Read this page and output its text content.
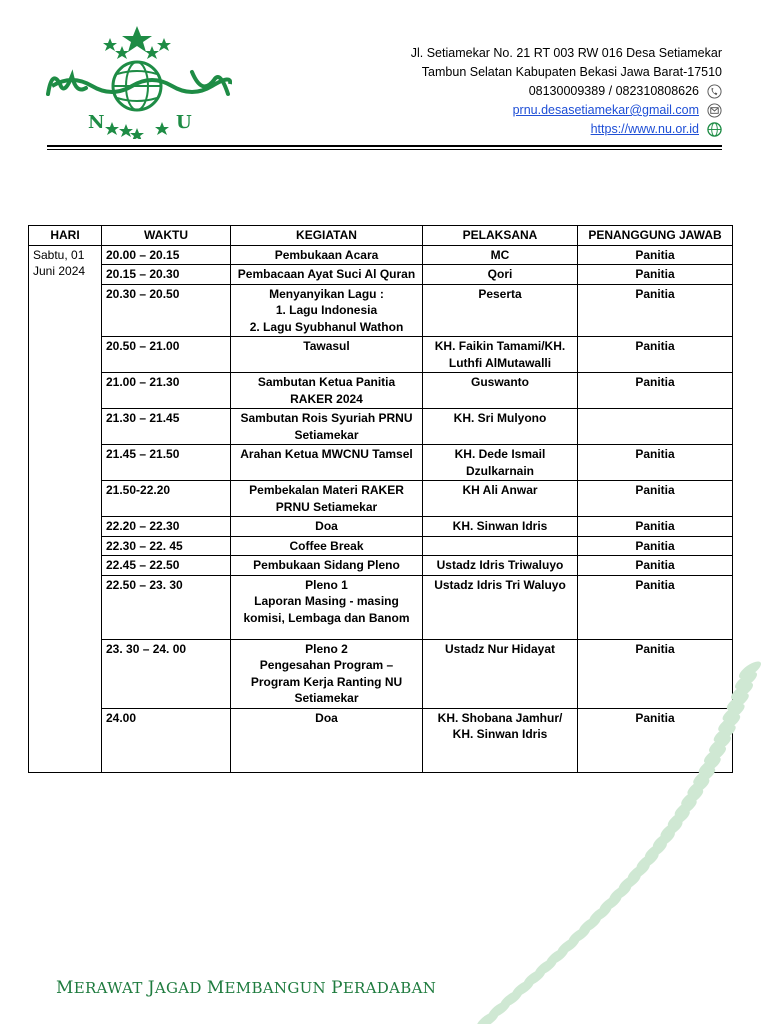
N	U
Jl. Setiamekar No. 21 RT 003 RW 016 Desa Setiamekar
Tambun Selatan Kabupaten Bekasi Jawa Barat-17510
08130009389 / 082310808626
prnu.desasetiamekar@gmail.com
https://www.nu.or.id
HARI	WAKTU	KEGIATAN	PELAKSANA	PENANGGUNG JAWAB
Sabtu, 01 Juni 2024	20.00 – 20.15	Pembukaan Acara	MC	Panitia
	20.15 – 20.30	Pembacaan Ayat Suci Al Quran	Qori	Panitia
	20.30 – 20.50	Menyanyikan Lagu :
1. Lagu Indonesia
2. Lagu Syubhanul Wathon	Peserta	Panitia
	20.50 – 21.00	Tawasul	KH. Faikin Tamami/KH. Luthfi AlMutawalli	Panitia
	21.00 – 21.30	Sambutan Ketua Panitia RAKER 2024	Guswanto	Panitia
	21.30 – 21.45	Sambutan Rois Syuriah PRNU Setiamekar	KH. Sri Mulyono	

	21.45 – 21.50	Arahan Ketua MWCNU Tamsel	KH. Dede Ismail Dzulkarnain	Panitia
	21.50-22.20	Pembekalan Materi RAKER PRNU Setiamekar	KH Ali Anwar	Panitia
	22.20 – 22.30	Doa	KH. Sinwan Idris	Panitia
	22.30 – 22. 45	Coffee Break		Panitia
	22.45 – 22.50	Pembukaan Sidang Pleno	Ustadz Idris Triwaluyo	Panitia
	22.50 – 23. 30	Pleno 1
Laporan Masing - masing komisi, Lembaga dan Banom	Ustadz Idris Tri Waluyo	Panitia
	23. 30 – 24. 00	Pleno 2
Pengesahan Program – Program Kerja Ranting NU Setiamekar	Ustadz Nur Hidayat	Panitia
	24.00	Doa	KH. Shobana Jamhur/
KH. Sinwan Idris	Panitia
MERAWAT JAGAD MEMBANGUN PERADABAN
